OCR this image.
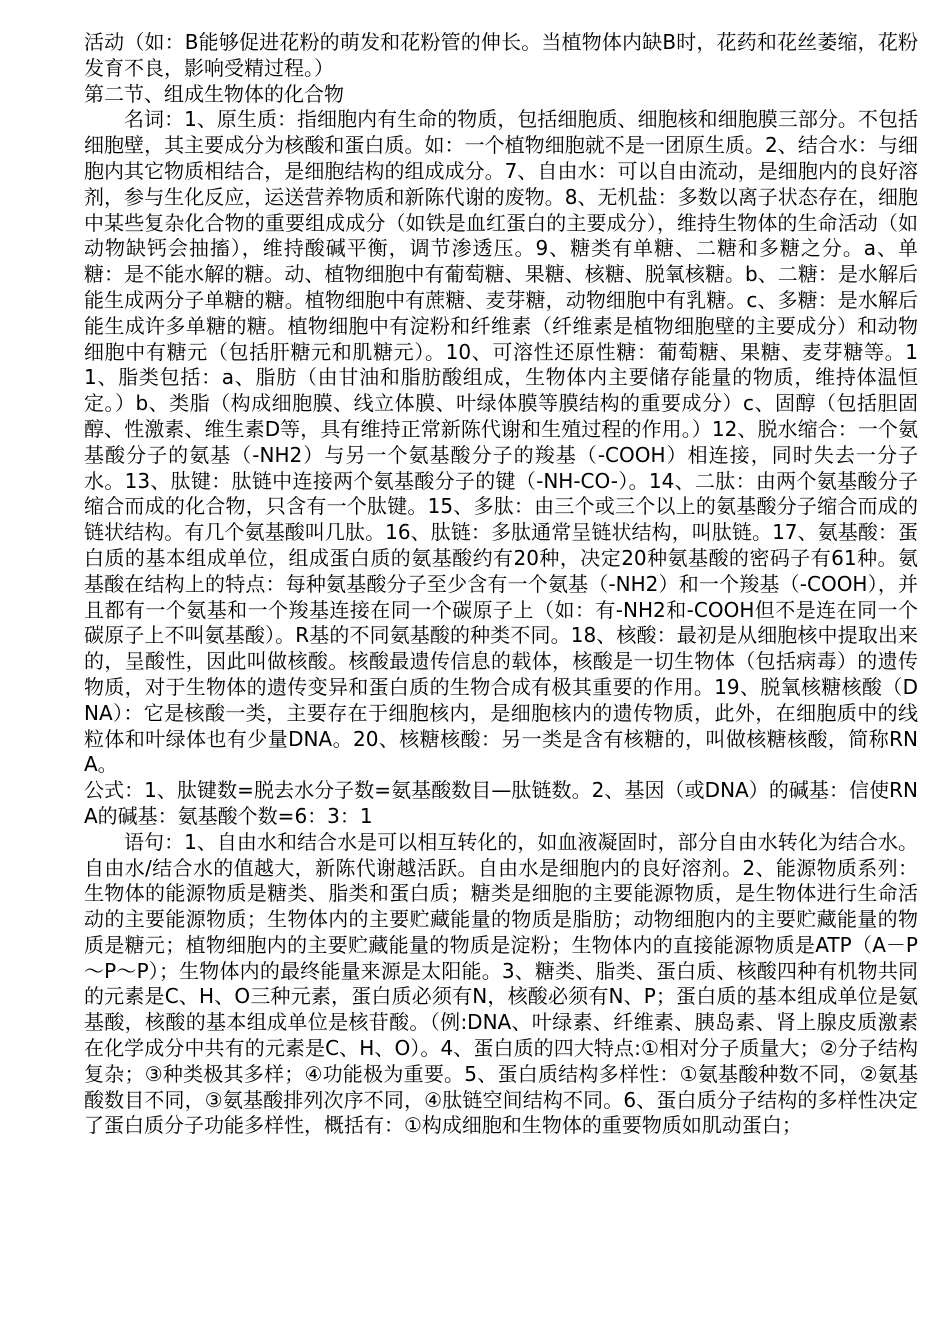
活动（如：B能够促进花粉的萌发和花粉管的伸长。当植物体内缺B时，花药和花丝萎缩，花粉发育不良，影响受精过程。）

第二节、组成生物体的化合物

名词：1、原生质：指细胞内有生命的物质，包括细胞质、细胞核和细胞膜三部分。不包括细胞壁，其主要成分为核酸和蛋白质。如：一个植物细胞就不是一团原生质。2、结合水：与细胞内其它物质相结合，是细胞结构的组成成分。7、自由水：可以自由流动，是细胞内的良好溶剂，参与生化反应，运送营养物质和新陈代谢的废物。8、无机盐：多数以离子状态存在，细胞中某些复杂化合物的重要组成成分（如铁是血红蛋白的主要成分），维持生物体的生命活动（如动物缺钙会抽搐），维持酸碱平衡，调节渗透压。9、糖类有单糖、二糖和多糖之分。a、单糖：是不能水解的糖。动、植物细胞中有葡萄糖、果糖、核糖、脱氧核糖。b、二糖：是水解后能生成两分子单糖的糖。植物细胞中有蔗糖、麦芽糖，动物细胞中有乳糖。c、多糖：是水解后能生成许多单糖的糖。植物细胞中有淀粉和纤维素（纤维素是植物细胞壁的主要成分）和动物细胞中有糖元（包括肝糖元和肌糖元）。10、可溶性还原性糖：葡萄糖、果糖、麦芽糖等。11、脂类包括：a、脂肪（由甘油和脂肪酸组成，生物体内主要储存能量的物质，维持体温恒定。）b、类脂（构成细胞膜、线立体膜、叶绿体膜等膜结构的重要成分）c、固醇（包括胆固醇、性激素、维生素D等，具有维持正常新陈代谢和生殖过程的作用。）12、脱水缩合：一个氨基酸分子的氨基（-NH2）与另一个氨基酸分子的羧基（-COOH）相连接，同时失去一分子水。13、肽键：肽链中连接两个氨基酸分子的键（-NH-CO-）。14、二肽：由两个氨基酸分子缩合而成的化合物，只含有一个肽键。15、多肽：由三个或三个以上的氨基酸分子缩合而成的链状结构。有几个氨基酸叫几肽。16、肽链：多肽通常呈链状结构，叫肽链。17、氨基酸：蛋白质的基本组成单位，组成蛋白质的氨基酸约有20种，决定20种氨基酸的密码子有61种。氨基酸在结构上的特点：每种氨基酸分子至少含有一个氨基（-NH2）和一个羧基（-COOH），并且都有一个氨基和一个羧基连接在同一个碳原子上（如：有-NH2和-COOH但不是连在同一个碳原子上不叫氨基酸）。R基的不同氨基酸的种类不同。18、核酸：最初是从细胞核中提取出来的，呈酸性，因此叫做核酸。核酸最遗传信息的载体，核酸是一切生物体（包括病毒）的遗传物质，对于生物体的遗传变异和蛋白质的生物合成有极其重要的作用。19、脱氧核糖核酸（DNA）：它是核酸一类，主要存在于细胞核内，是细胞核内的遗传物质，此外，在细胞质中的线粒体和叶绿体也有少量DNA。20、核糖核酸：另一类是含有核糖的，叫做核糖核酸，简称RNA。

公式：1、肽键数=脱去水分子数=氨基酸数目—肽链数。2、基因（或DNA）的碱基：信使RNA的碱基：氨基酸个数=6：3：1

语句：1、自由水和结合水是可以相互转化的，如血液凝固时，部分自由水转化为结合水。自由水/结合水的值越大，新陈代谢越活跃。自由水是细胞内的良好溶剂。2、能源物质系列：生物体的能源物质是糖类、脂类和蛋白质；糖类是细胞的主要能源物质，是生物体进行生命活动的主要能源物质；生物体内的主要贮藏能量的物质是脂肪；动物细胞内的主要贮藏能量的物质是糖元；植物细胞内的主要贮藏能量的物质是淀粉；生物体内的直接能源物质是ATP（A－P～P～P）；生物体内的最终能量来源是太阳能。3、糖类、脂类、蛋白质、核酸四种有机物共同的元素是C、H、O三种元素，蛋白质必须有N，核酸必须有N、P；蛋白质的基本组成单位是氨基酸，核酸的基本组成单位是核苷酸。（例:DNA、叶绿素、纤维素、胰岛素、肾上腺皮质激素在化学成分中共有的元素是C、H、O）。4、蛋白质的四大特点:①相对分子质量大；②分子结构复杂；③种类极其多样；④功能极为重要。5、蛋白质结构多样性：①氨基酸种数不同，②氨基酸数目不同，③氨基酸排列次序不同，④肽链空间结构不同。6、蛋白质分子结构的多样性决定了蛋白质分子功能多样性，概括有：①构成细胞和生物体的重要物质如肌动蛋白；
